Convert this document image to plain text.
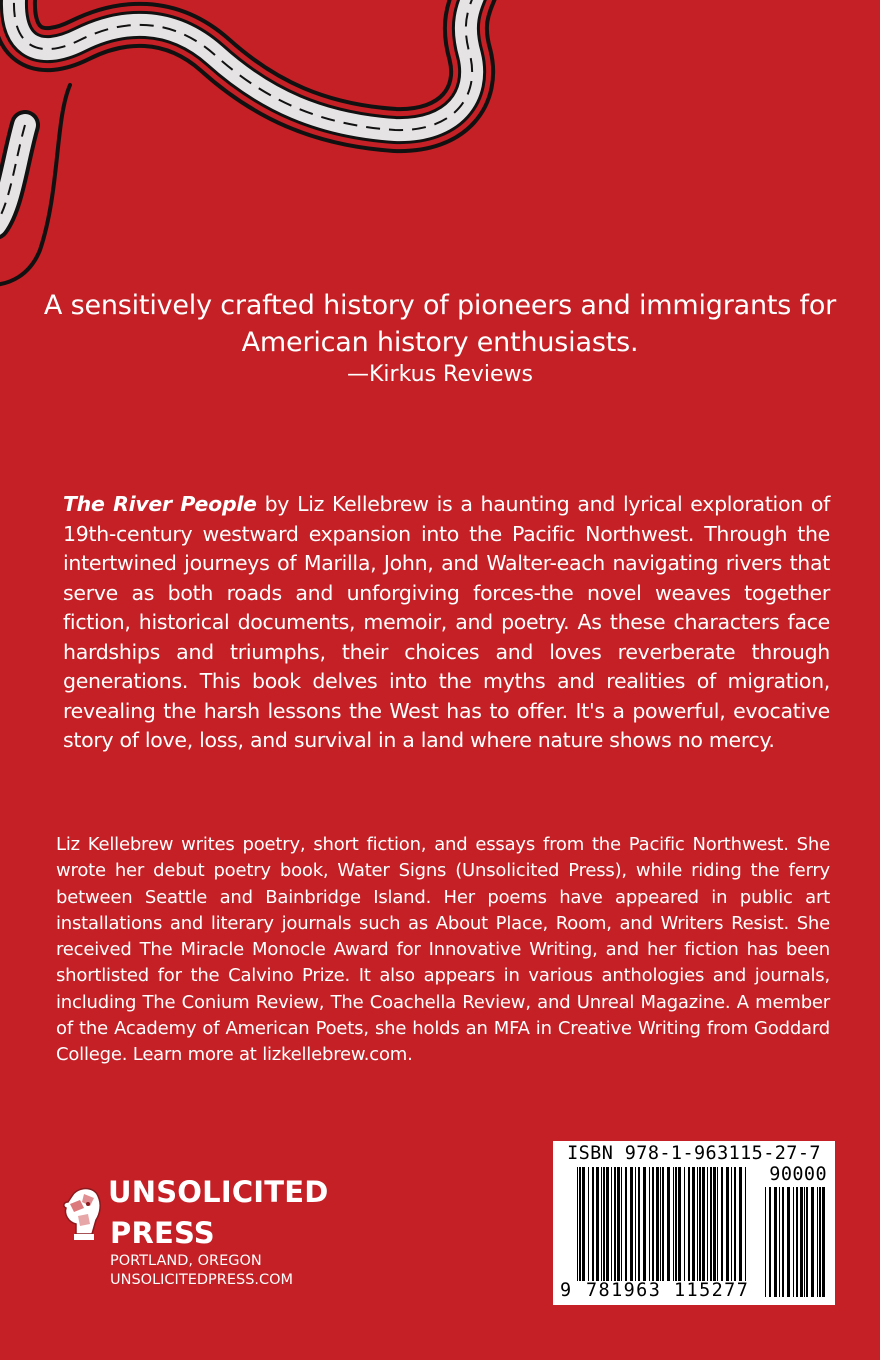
A sensitively crafted history of pioneers and immigrants for
American history enthusiasts.

—Kirkus Reviews

The River People by Liz Kellebrew is a haunting and lyrical exploration of 19th-century westward expansion into the Pacific Northwest. Through the intertwined journeys of Marilla, John, and Walter-each navigating rivers that serve as both roads and unforgiving forces-the novel weaves together fiction, historical documents, memoir, and poetry. As these characters face hardships and triumphs, their choices and loves reverberate through generations. This book delves into the myths and realities of migration, revealing the harsh lessons the West has to offer. It's a powerful, evocative story of love, loss, and survival in a land where nature shows no mercy.

Liz Kellebrew writes poetry, short fiction, and essays from the Pacific Northwest. She wrote her debut poetry book, Water Signs (Unsolicited Press), while riding the ferry between Seattle and Bainbridge Island. Her poems have appeared in public art installations and literary journals such as About Place, Room, and Writers Resist. She received The Miracle Monocle Award for Innovative Writing, and her fiction has been shortlisted for the Calvino Prize. It also appears in various anthologies and journals, including The Conium Review, The Coachella Review, and Unreal Magazine. A member of the Academy of American Poets, she holds an MFA in Creative Writing from Goddard College. Learn more at lizkellebrew.com.

UNSOLICITED
PRESS
PORTLAND, OREGON
UNSOLICITEDPRESS.COM
ISBN 978-1-963115-27-7
90000
9 781963 115277
